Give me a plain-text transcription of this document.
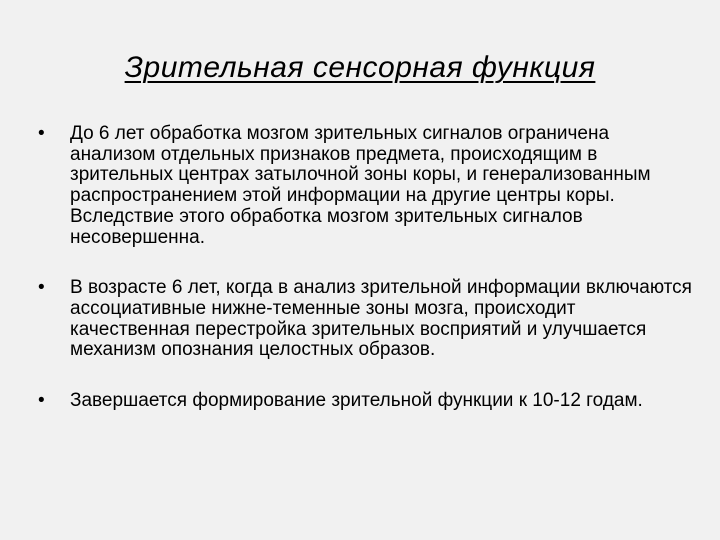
Зрительная сенсорная функция
• До 6 лет обработка мозгом зрительных сигналов ограничена анализом отдельных признаков предмета, происходящим в зрительных центрах затылочной зоны коры, и генерализованным распространением этой информации на другие центры коры. Вследствие этого обработка мозгом зрительных сигналов несовершенна.
• В возрасте 6 лет, когда в анализ зрительной информации включаются ассоциативные нижне-теменные зоны мозга, происходит качественная перестройка зрительных восприятий и улучшается механизм опознания целостных образов.
• Завершается формирование зрительной функции к 10-12 годам.
